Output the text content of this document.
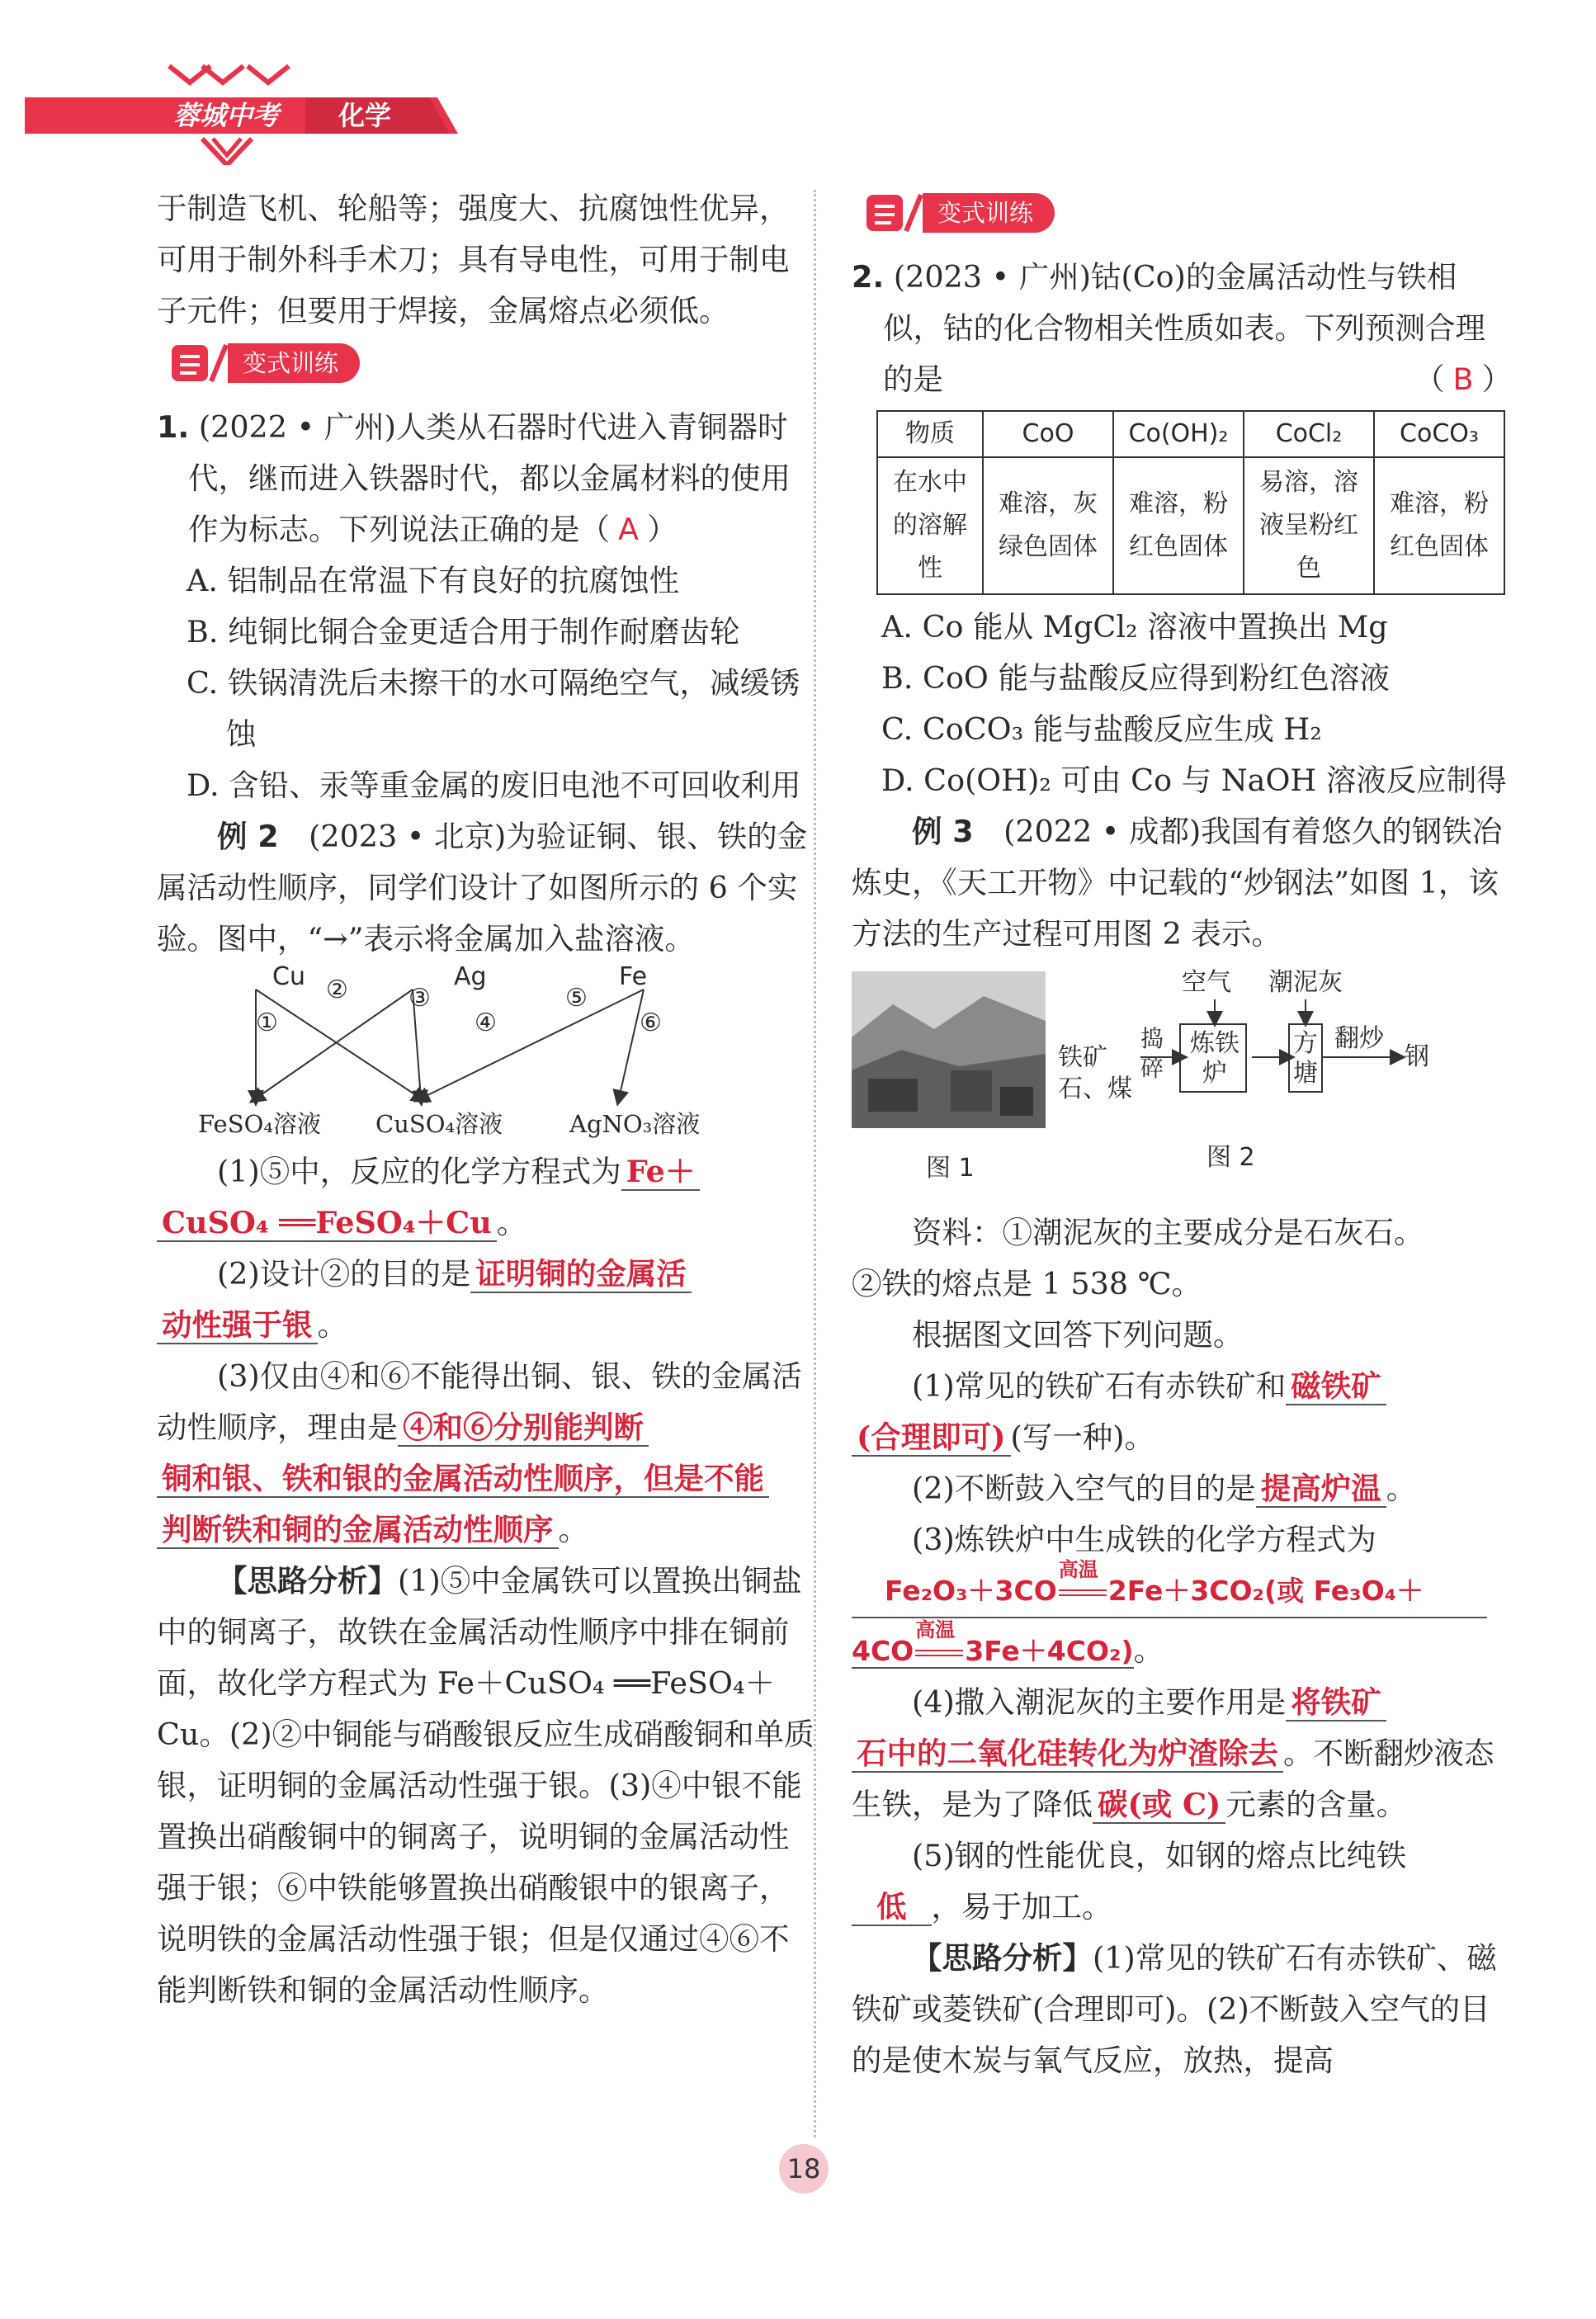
蓉城中考	化学

于制造飞机、轮船等；强度大、抗腐蚀性优异，可用于制外科手术刀；具有导电性，可用于制电子元件；但要用于焊接，金属熔点必须低。

变式训练

1. (2022 • 广州)人类从石器时代进入青铜器时代，继而进入铁器时代，都以金属材料的使用作为标志。下列说法正确的是（ A ）

A. 铝制品在常温下有良好的抗腐蚀性

B. 纯铜比铜合金更适合用于制作耐磨齿轮

C. 铁锅清洗后未擦干的水可隔绝空气，减缓锈蚀

D. 含铅、汞等重金属的废旧电池不可回收利用

例 2　 (2023 • 北京)为验证铜、银、铁的金属活动性顺序，同学们设计了如图所示的 6 个实验。图中，“→”表示将金属加入盐溶液。

Cu	Ag	Fe
①
② ③
④
⑤
⑥
FeSO₄溶液 CuSO₄溶液	AgNO₃溶液

(1)⑤中，反应的化学方程式为 Fe＋
CuSO₄ ══FeSO₄＋Cu 。

(2)设计②的目的是 证明铜的金属活
动性强于银 。

(3)仅由④和⑥不能得出铜、银、铁的金属活动性顺序，理由是 ④和⑥分别能判断
铜和银、铁和银的金属活动性顺序，但是不能
判断铁和铜的金属活动性顺序 。

【思路分析】(1)⑤中金属铁可以置换出铜盐中的铜离子，故铁在金属活动性顺序中排在铜前面，故化学方程式为 Fe＋CuSO₄ ══FeSO₄＋Cu。(2)②中铜能与硝酸银反应生成硝酸铜和单质银，证明铜的金属活动性强于银。(3)④中银不能置换出硝酸铜中的铜离子，说明铜的金属活动性强于银；⑥中铁能够置换出硝酸银中的银离子，说明铁的金属活动性强于银；但是仅通过④⑥不能判断铁和铜的金属活动性顺序。

变式训练

2. (2023 • 广州)钴(Co)的金属活动性与铁相似，钴的化合物相关性质如表。下列预测合理的是	（ B ）

物质	CoO	Co(OH)₂	CoCl₂	CoCO₃
在水中的溶解性	难溶，灰绿色固体	难溶，粉红色固体	易溶，溶液呈粉红色	难溶，粉红色固体

A. Co 能从 MgCl₂ 溶液中置换出 Mg

B. CoO 能与盐酸反应得到粉红色溶液

C. CoCO₃ 能与盐酸反应生成 H₂

D. Co(OH)₂ 可由 Co 与 NaOH 溶液反应制得

例 3　 (2022 • 成都)我国有着悠久的钢铁冶炼史，《天工开物》中记载的“炒钢法”如图 1，该方法的生产过程可用图 2 表示。

图 1
空气 潮泥灰
铁矿石、煤
捣碎
炼铁炉
方塘
翻炒
钢
图 2

资料：①潮泥灰的主要成分是石灰石。

②铁的熔点是 1 538 ℃。

根据图文回答下列问题。

(1)常见的铁矿石有赤铁矿和 磁铁矿
(合理即可) (写一种)。

(2)不断鼓入空气的目的是 提高炉温 。

(3)炼铁炉中生成铁的化学方程式为

Fe₂O₃＋3CO
高温
2Fe＋3CO₂(或 Fe₃O₄＋

4CO
高温
3Fe＋4CO₂)。

(4)撒入潮泥灰的主要作用是 将铁矿
石中的二氧化硅转化为炉渣除去 。不断翻炒液态生铁，是为了降低 碳(或 C) 元素的含量。

(5)钢的性能优良，如钢的熔点比纯铁
低 ，易于加工。

【思路分析】(1)常见的铁矿石有赤铁矿、磁铁矿或菱铁矿(合理即可)。(2)不断鼓入空气的目的是使木炭与氧气反应，放热，提高

18
